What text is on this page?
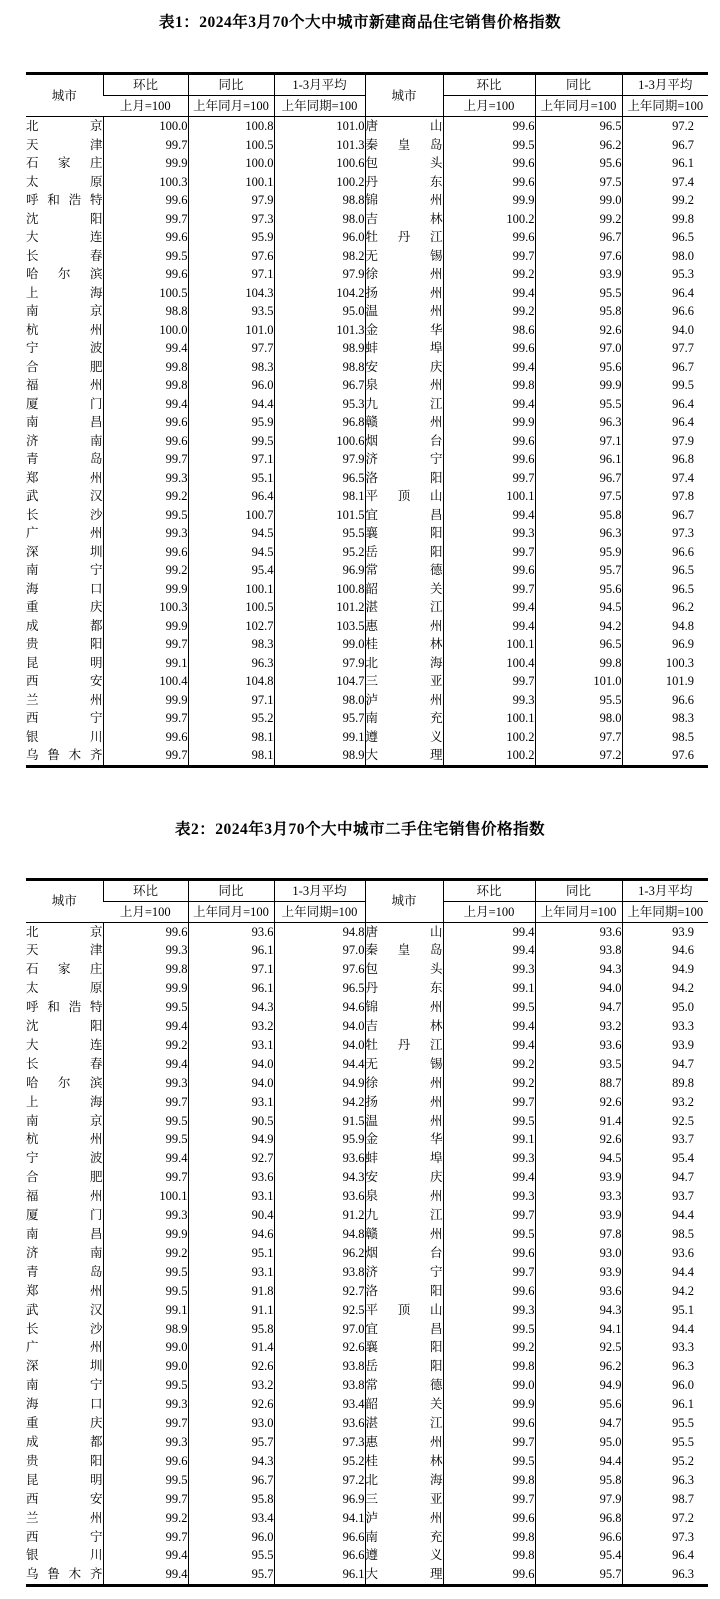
表1：2024年3月70个大中城市新建商品住宅销售价格指数
城市	环比	同比	1-3月平均	城市	环比	同比	1-3月平均
	上月=100	上年同月=100	上年同期=100		上月=100	上年同月=100	上年同期=100

北京	100.0	100.8	101.0	唐山	99.6	96.5	97.2

天津	99.7	100.5	101.3	秦皇岛	99.5	96.2	96.7

石家庄	99.9	100.0	100.6	包头	99.6	95.6	96.1

太原	100.3	100.1	100.2	丹东	99.6	97.5	97.4

呼和浩特	99.6	97.9	98.8	锦州	99.9	99.0	99.2

沈阳	99.7	97.3	98.0	吉林	100.2	99.2	99.8

大连	99.6	95.9	96.0	牡丹江	99.6	96.7	96.5

长春	99.5	97.6	98.2	无锡	99.7	97.6	98.0

哈尔滨	99.6	97.1	97.9	徐州	99.2	93.9	95.3

上海	100.5	104.3	104.2	扬州	99.4	95.5	96.4

南京	98.8	93.5	95.0	温州	99.2	95.8	96.6

杭州	100.0	101.0	101.3	金华	98.6	92.6	94.0

宁波	99.4	97.7	98.9	蚌埠	99.6	97.0	97.7

合肥	99.8	98.3	98.8	安庆	99.4	95.6	96.7

福州	99.8	96.0	96.7	泉州	99.8	99.9	99.5

厦门	99.4	94.4	95.3	九江	99.4	95.5	96.4

南昌	99.6	95.9	96.8	赣州	99.9	96.3	96.4

济南	99.6	99.5	100.6	烟台	99.6	97.1	97.9

青岛	99.7	97.1	97.9	济宁	99.6	96.1	96.8

郑州	99.3	95.1	96.5	洛阳	99.7	96.7	97.4

武汉	99.2	96.4	98.1	平顶山	100.1	97.5	97.8

长沙	99.5	100.7	101.5	宜昌	99.4	95.8	96.7

广州	99.3	94.5	95.5	襄阳	99.3	96.3	97.3

深圳	99.6	94.5	95.2	岳阳	99.7	95.9	96.6

南宁	99.2	95.4	96.9	常德	99.6	95.7	96.5

海口	99.9	100.1	100.8	韶关	99.7	95.6	96.5

重庆	100.3	100.5	101.2	湛江	99.4	94.5	96.2

成都	99.9	102.7	103.5	惠州	99.4	94.2	94.8

贵阳	99.7	98.3	99.0	桂林	100.1	96.5	96.9

昆明	99.1	96.3	97.9	北海	100.4	99.8	100.3

西安	100.4	104.8	104.7	三亚	99.7	101.0	101.9

兰州	99.9	97.1	98.0	泸州	99.3	95.5	96.6

西宁	99.7	95.2	95.7	南充	100.1	98.0	98.3

银川	99.6	98.1	99.1	遵义	100.2	97.7	98.5

乌鲁木齐	99.7	98.1	98.9	大理	100.2	97.2	97.6
表2：2024年3月70个大中城市二手住宅销售价格指数
城市	环比	同比	1-3月平均	城市	环比	同比	1-3月平均
	上月=100	上年同月=100	上年同期=100		上月=100	上年同月=100	上年同期=100

北京	99.6	93.6	94.8	唐山	99.4	93.6	93.9

天津	99.3	96.1	97.0	秦皇岛	99.4	93.8	94.6

石家庄	99.8	97.1	97.6	包头	99.3	94.3	94.9

太原	99.9	96.1	96.5	丹东	99.1	94.0	94.2

呼和浩特	99.5	94.3	94.6	锦州	99.5	94.7	95.0

沈阳	99.4	93.2	94.0	吉林	99.4	93.2	93.3

大连	99.2	93.1	94.0	牡丹江	99.4	93.6	93.9

长春	99.4	94.0	94.4	无锡	99.2	93.5	94.7

哈尔滨	99.3	94.0	94.9	徐州	99.2	88.7	89.8

上海	99.7	93.1	94.2	扬州	99.7	92.6	93.2

南京	99.5	90.5	91.5	温州	99.5	91.4	92.5

杭州	99.5	94.9	95.9	金华	99.1	92.6	93.7

宁波	99.4	92.7	93.6	蚌埠	99.3	94.5	95.4

合肥	99.7	93.6	94.3	安庆	99.4	93.9	94.7

福州	100.1	93.1	93.6	泉州	99.3	93.3	93.7

厦门	99.3	90.4	91.2	九江	99.7	93.9	94.4

南昌	99.9	94.6	94.8	赣州	99.5	97.8	98.5

济南	99.2	95.1	96.2	烟台	99.6	93.0	93.6

青岛	99.5	93.1	93.8	济宁	99.7	93.9	94.4

郑州	99.5	91.8	92.7	洛阳	99.6	93.6	94.2

武汉	99.1	91.1	92.5	平顶山	99.3	94.3	95.1

长沙	98.9	95.8	97.0	宜昌	99.5	94.1	94.4

广州	99.0	91.4	92.6	襄阳	99.2	92.5	93.3

深圳	99.0	92.6	93.8	岳阳	99.8	96.2	96.3

南宁	99.5	93.2	93.8	常德	99.0	94.9	96.0

海口	99.3	92.6	93.4	韶关	99.9	95.6	96.1

重庆	99.7	93.0	93.6	湛江	99.6	94.7	95.5

成都	99.3	95.7	97.3	惠州	99.7	95.0	95.5

贵阳	99.6	94.3	95.2	桂林	99.5	94.4	95.2

昆明	99.5	96.7	97.2	北海	99.8	95.8	96.3

西安	99.7	95.8	96.9	三亚	99.7	97.9	98.7

兰州	99.2	93.4	94.1	泸州	99.6	96.8	97.2

西宁	99.7	96.0	96.6	南充	99.8	96.6	97.3

银川	99.4	95.5	96.6	遵义	99.8	95.4	96.4

乌鲁木齐	99.4	95.7	96.1	大理	99.6	95.7	96.3
